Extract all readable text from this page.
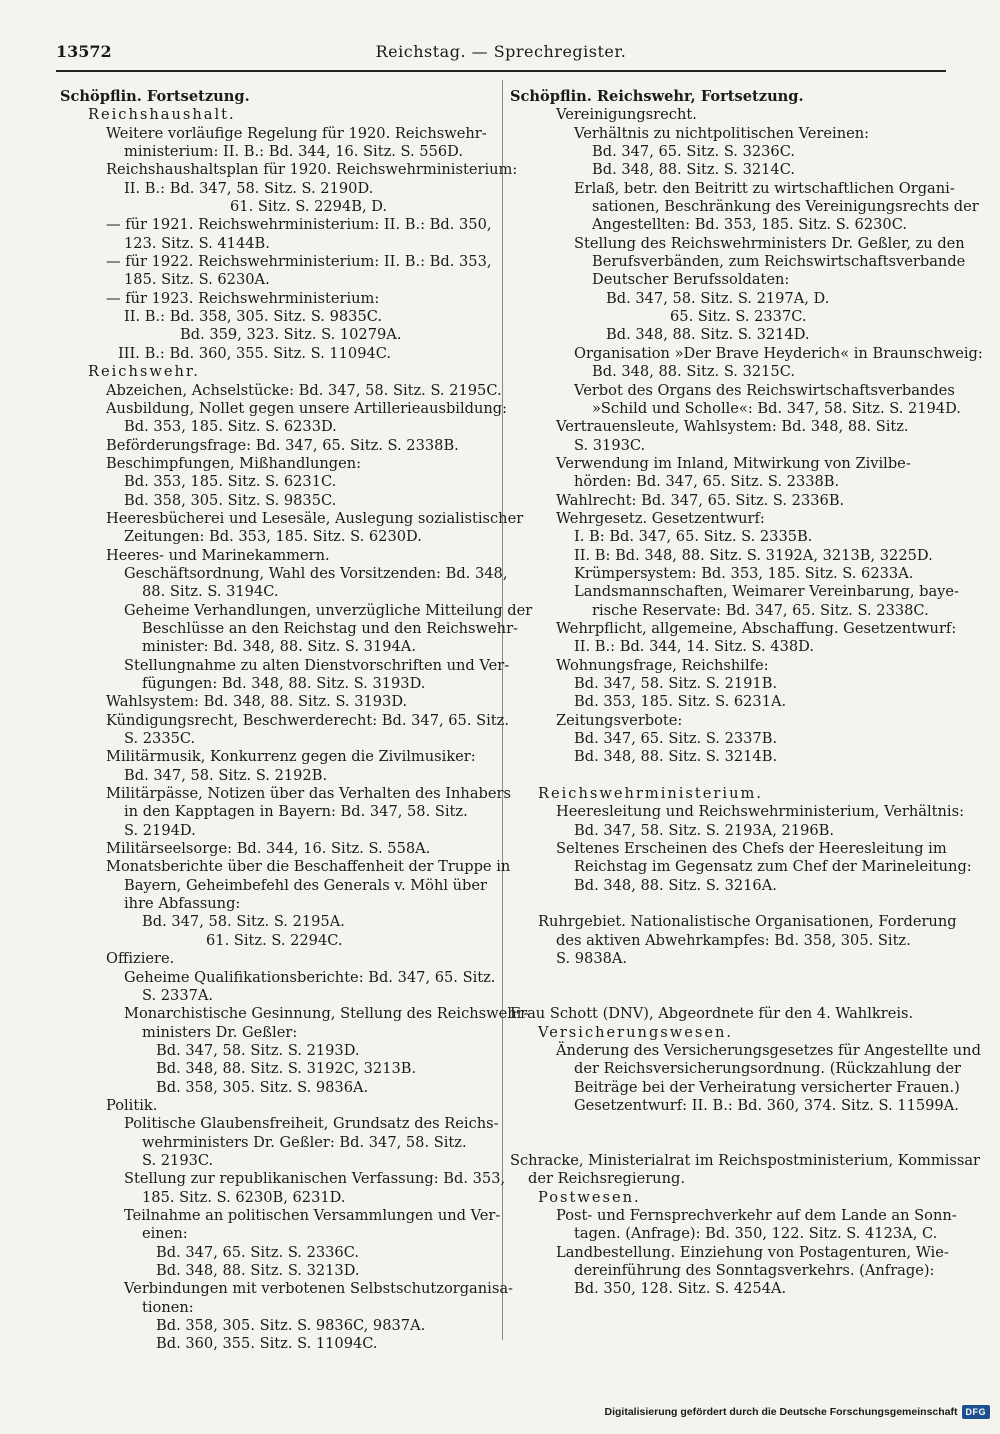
13572	Reichstag. — Sprechregister.
Schöpflin. Fortsetzung.
Reichshaushalt.
Weitere vorläufige Regelung für 1920. Reichswehr-
ministerium: II. B.: Bd. 344, 16. Sitz. S. 556D.
Reichshaushaltsplan für 1920. Reichswehrministerium:
II. B.: Bd. 347, 58. Sitz. S. 2190D.
61. Sitz. S. 2294B, D.
— für 1921. Reichswehrministerium: II. B.: Bd. 350,
123. Sitz. S. 4144B.
— für 1922. Reichswehrministerium: II. B.: Bd. 353,
185. Sitz. S. 6230A.
— für 1923. Reichswehrministerium:
II. B.: Bd. 358, 305. Sitz. S. 9835C.
Bd. 359, 323. Sitz. S. 10279A.
III. B.: Bd. 360, 355. Sitz. S. 11094C.
Reichswehr.
Abzeichen, Achselstücke: Bd. 347, 58. Sitz. S. 2195C.
Ausbildung, Nollet gegen unsere Artillerieausbildung:
Bd. 353, 185. Sitz. S. 6233D.
Beförderungsfrage: Bd. 347, 65. Sitz. S. 2338B.
Beschimpfungen, Mißhandlungen:
Bd. 353, 185. Sitz. S. 6231C.
Bd. 358, 305. Sitz. S. 9835C.
Heeresbücherei und Lesesäle, Auslegung sozialistischer
Zeitungen: Bd. 353, 185. Sitz. S. 6230D.
Heeres- und Marinekammern.
Geschäftsordnung, Wahl des Vorsitzenden: Bd. 348,
88. Sitz. S. 3194C.
Geheime Verhandlungen, unverzügliche Mitteilung der
Beschlüsse an den Reichstag und den Reichswehr-
minister: Bd. 348, 88. Sitz. S. 3194A.
Stellungnahme zu alten Dienstvorschriften und Ver-
fügungen: Bd. 348, 88. Sitz. S. 3193D.
Wahlsystem: Bd. 348, 88. Sitz. S. 3193D.
Kündigungsrecht, Beschwerderecht: Bd. 347, 65. Sitz.
S. 2335C.
Militärmusik, Konkurrenz gegen die Zivilmusiker:
Bd. 347, 58. Sitz. S. 2192B.
Militärpässe, Notizen über das Verhalten des Inhabers
in den Kapptagen in Bayern: Bd. 347, 58. Sitz.
S. 2194D.
Militärseelsorge: Bd. 344, 16. Sitz. S. 558A.
Monatsberichte über die Beschaffenheit der Truppe in
Bayern, Geheimbefehl des Generals v. Möhl über
ihre Abfassung:
Bd. 347, 58. Sitz. S. 2195A.
61. Sitz. S. 2294C.
Offiziere.
Geheime Qualifikationsberichte: Bd. 347, 65. Sitz.
S. 2337A.
Monarchistische Gesinnung, Stellung des Reichswehr-
ministers Dr. Geßler:
Bd. 347, 58. Sitz. S. 2193D.
Bd. 348, 88. Sitz. S. 3192C, 3213B.
Bd. 358, 305. Sitz. S. 9836A.
Politik.
Politische Glaubensfreiheit, Grundsatz des Reichs-
wehrministers Dr. Geßler: Bd. 347, 58. Sitz.
S. 2193C.
Stellung zur republikanischen Verfassung: Bd. 353,
185. Sitz. S. 6230B, 6231D.
Teilnahme an politischen Versammlungen und Ver-
einen:
Bd. 347, 65. Sitz. S. 2336C.
Bd. 348, 88. Sitz. S. 3213D.
Verbindungen mit verbotenen Selbstschutzorganisa-
tionen:
Bd. 358, 305. Sitz. S. 9836C, 9837A.
Bd. 360, 355. Sitz. S. 11094C.
Schöpflin. Reichswehr, Fortsetzung.
Vereinigungsrecht.
Verhältnis zu nichtpolitischen Vereinen:
Bd. 347, 65. Sitz. S. 3236C.
Bd. 348, 88. Sitz. S. 3214C.
Erlaß, betr. den Beitritt zu wirtschaftlichen Organi-
sationen, Beschränkung des Vereinigungsrechts der
Angestellten: Bd. 353, 185. Sitz. S. 6230C.
Stellung des Reichswehrministers Dr. Geßler, zu den
Berufsverbänden, zum Reichswirtschaftsverbande
Deutscher Berufssoldaten:
Bd. 347, 58. Sitz. S. 2197A, D.
65. Sitz. S. 2337C.
Bd. 348, 88. Sitz. S. 3214D.
Organisation »Der Brave Heyderich« in Braunschweig:
Bd. 348, 88. Sitz. S. 3215C.
Verbot des Organs des Reichswirtschaftsverbandes
»Schild und Scholle«: Bd. 347, 58. Sitz. S. 2194D.
Vertrauensleute, Wahlsystem: Bd. 348, 88. Sitz.
S. 3193C.
Verwendung im Inland, Mitwirkung von Zivilbe-
hörden: Bd. 347, 65. Sitz. S. 2338B.
Wahlrecht: Bd. 347, 65. Sitz. S. 2336B.
Wehrgesetz. Gesetzentwurf:
I. B: Bd. 347, 65. Sitz. S. 2335B.
II. B: Bd. 348, 88. Sitz. S. 3192A, 3213B, 3225D.
Krümpersystem: Bd. 353, 185. Sitz. S. 6233A.
Landsmannschaften, Weimarer Vereinbarung, baye-
rische Reservate: Bd. 347, 65. Sitz. S. 2338C.
Wehrpflicht, allgemeine, Abschaffung. Gesetzentwurf:
II. B.: Bd. 344, 14. Sitz. S. 438D.
Wohnungsfrage, Reichshilfe:
Bd. 347, 58. Sitz. S. 2191B.
Bd. 353, 185. Sitz. S. 6231A.
Zeitungsverbote:
Bd. 347, 65. Sitz. S. 2337B.
Bd. 348, 88. Sitz. S. 3214B.
Reichswehrministerium.
Heeresleitung und Reichswehrministerium, Verhältnis:
Bd. 347, 58. Sitz. S. 2193A, 2196B.
Seltenes Erscheinen des Chefs der Heeresleitung im
Reichstag im Gegensatz zum Chef der Marineleitung:
Bd. 348, 88. Sitz. S. 3216A.
Ruhrgebiet. Nationalistische Organisationen, Forderung
des aktiven Abwehrkampfes: Bd. 358, 305. Sitz.
S. 9838A.
Frau Schott (DNV), Abgeordnete für den 4. Wahlkreis.
Versicherungswesen.
Änderung des Versicherungsgesetzes für Angestellte und
der Reichsversicherungsordnung. (Rückzahlung der
Beiträge bei der Verheiratung versicherter Frauen.)
Gesetzentwurf: II. B.: Bd. 360, 374. Sitz. S. 11599A.
Schracke, Ministerialrat im Reichspostministerium, Kommissar
der Reichsregierung.
Postwesen.
Post- und Fernsprechverkehr auf dem Lande an Sonn-
tagen. (Anfrage): Bd. 350, 122. Sitz. S. 4123A, C.
Landbestellung. Einziehung von Postagenturen, Wie-
dereinführung des Sonntagsverkehrs. (Anfrage):
Bd. 350, 128. Sitz. S. 4254A.
Digitalisierung gefördert durch die Deutsche Forschungsgemeinschaft DFG
